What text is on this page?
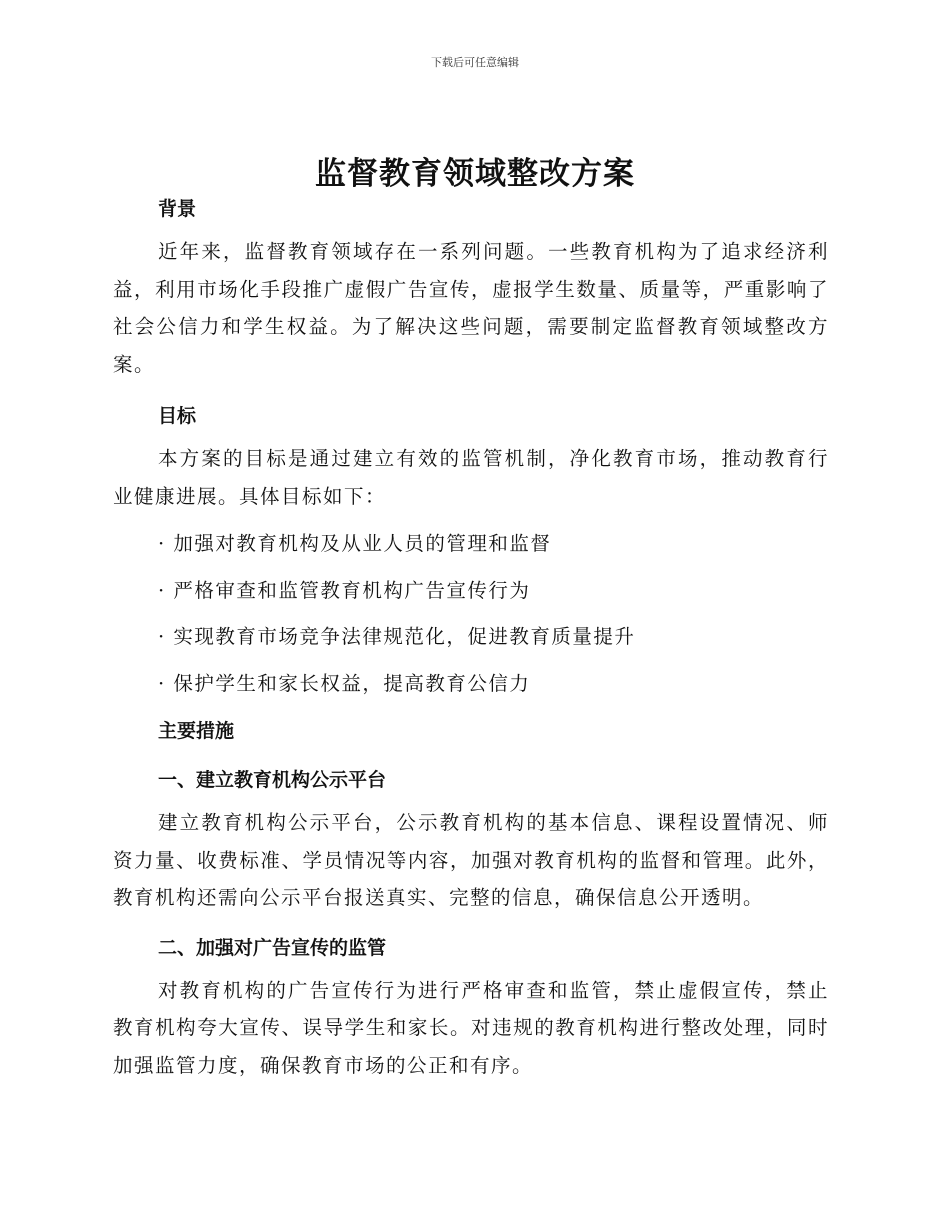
下载后可任意编辑
监督教育领域整改方案

背景

近年来，监督教育领域存在一系列问题。一些教育机构为了追求经济利益，利用市场化手段推广虚假广告宣传，虚报学生数量、质量等，严重影响了社会公信力和学生权益。为了解决这些问题，需要制定监督教育领域整改方案。

目标

本方案的目标是通过建立有效的监管机制，净化教育市场，推动教育行业健康进展。具体目标如下：

· 加强对教育机构及从业人员的管理和监督

· 严格审查和监管教育机构广告宣传行为

· 实现教育市场竞争法律规范化，促进教育质量提升

· 保护学生和家长权益，提高教育公信力

主要措施

一、建立教育机构公示平台

建立教育机构公示平台，公示教育机构的基本信息、课程设置情况、师资力量、收费标准、学员情况等内容，加强对教育机构的监督和管理。此外，教育机构还需向公示平台报送真实、完整的信息，确保信息公开透明。

二、加强对广告宣传的监管

对教育机构的广告宣传行为进行严格审查和监管，禁止虚假宣传，禁止教育机构夸大宣传、误导学生和家长。对违规的教育机构进行整改处理，同时加强监管力度，确保教育市场的公正和有序。
